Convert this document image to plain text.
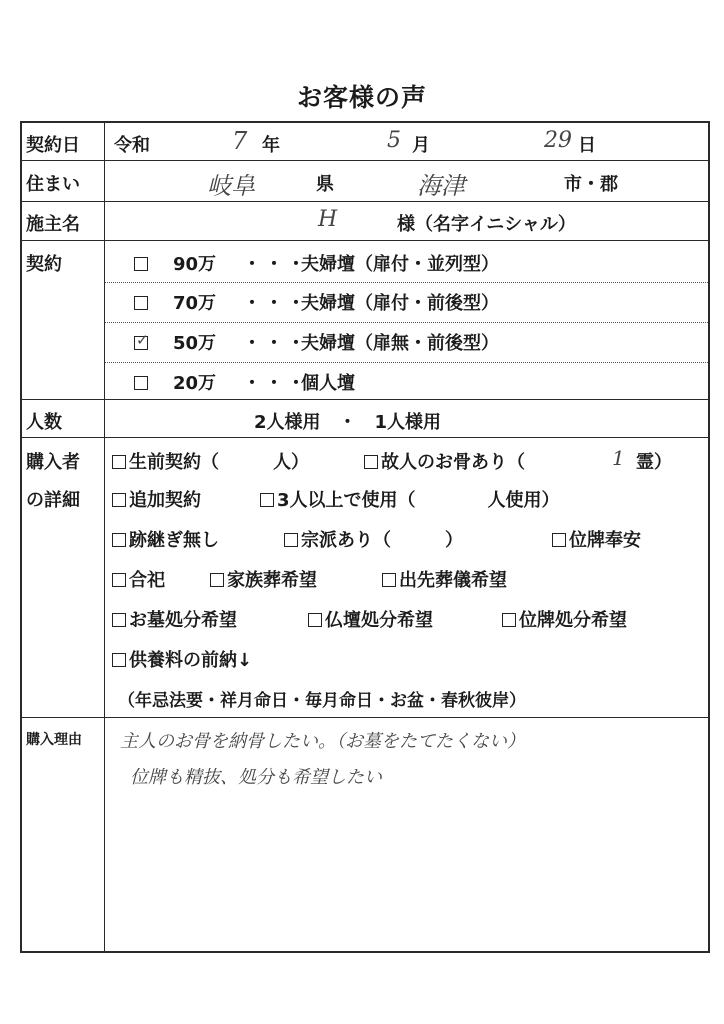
お客様の声
契約日 令和	7 年	5 月	29 日
住まい	岐阜	県	海津	市・郡
施主名	H	様（名字イニシャル）
契約	90万 ・・・夫婦壇（扉付・並列型）
70万 ・・・夫婦壇（扉付・前後型）
✓ 50万 ・・・夫婦壇（扉無・前後型）
20万 ・・・個人壇
人数	2人様用　・　1人様用
購入者
の詳細
生前契約（　　　人）	故人のお骨あり（	1 霊）
追加契約	3人以上で使用（　　　　人使用）
跡継ぎ無し	宗派あり（　　　）	位牌奉安
合祀	家族葬希望	出先葬儀希望
お墓処分希望	仏壇処分希望	位牌処分希望
供養料の前納↓
（年忌法要・祥月命日・毎月命日・お盆・春秋彼岸）
購入理由 主人のお骨を納骨したい。（お墓をたてたくない）
位牌も精抜、処分も希望したい
